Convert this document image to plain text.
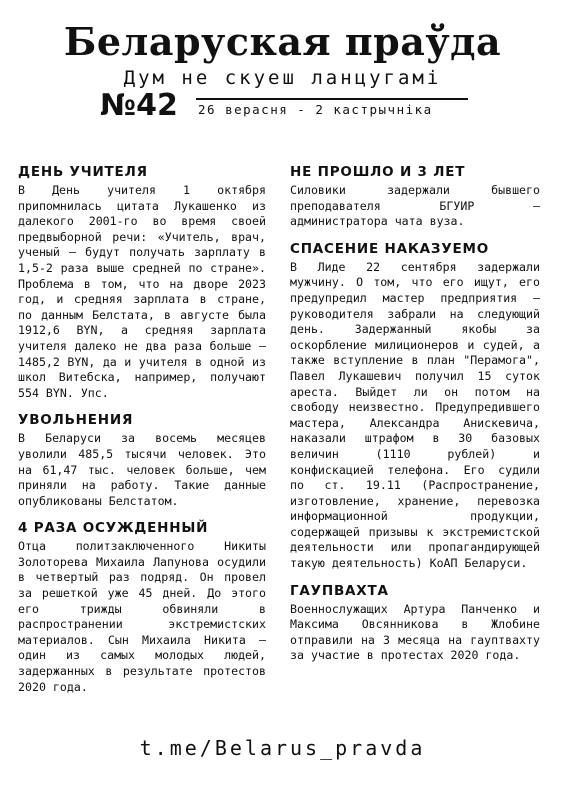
Беларуская праўда
Дум не скуеш ланцугамі
№42 26 верасня - 2 кастрычніка
ДЕНЬ УЧИТЕЛЯ

В День учителя 1 октября припомнилась цитата Лукашенко из далекого 2001-го во время своей предвыборной речи: «Учитель, врач, ученый — будут получать зарплату в 1,5-2 раза выше средней по стране». Проблема в том, что на дворе 2023 год, и средняя зарплата в стране, по данным Белстата, в августе была 1912,6 BYN, а средняя зарплата учителя далеко не два раза больше — 1485,2 BYN, да и учителя в одной из школ Витебска, например, получают 554 BYN. Упс.

УВОЛЬНЕНИЯ

В Беларуси за восемь месяцев уволили 485,5 тысячи человек. Это на 61,47 тыс. человек больше, чем приняли на работу. Такие данные опубликованы Белстатом.

4 РАЗА ОСУЖДЕННЫЙ

Отца политзаключенного Никиты Золоторева Михаила Лапунова осудили в четвертый раз подряд. Он провел за решеткой уже 45 дней. До этого его трижды обвиняли в распространении экстремистских материалов. Сын Михаила Никита — один из самых молодых людей, задержанных в результате протестов 2020 года.

НЕ ПРОШЛО И 3 ЛЕТ

Силовики задержали бывшего преподавателя БГУИР — администратора чата вуза.

СПАСЕНИЕ НАКАЗУЕМО

В Лиде 22 сентября задержали мужчину. О том, что его ищут, его предупредил мастер предприятия — руководителя забрали на следующий день. Задержанный якобы за оскорбление милиционеров и судей, а также вступление в план "Перамога", Павел Лукашевич получил 15 суток ареста. Выйдет ли он потом на свободу неизвестно. Предупредившего мастера, Александра Анискевича, наказали штрафом в 30 базовых величин (1110 рублей) и конфискацией телефона. Его судили по ст. 19.11 (Распространение, изготовление, хранение, перевозка информационной продукции, содержащей призывы к экстремистской деятельности или пропагандирующей такую деятельность) КоАП Беларуси.

ГАУПВАХТА

Военнослужащих Артура Панченко и Максима Овсянникова в Жлобине отправили на 3 месяца на гауптвахту за участие в протестах 2020 года.

t.me/Belarus_pravda
